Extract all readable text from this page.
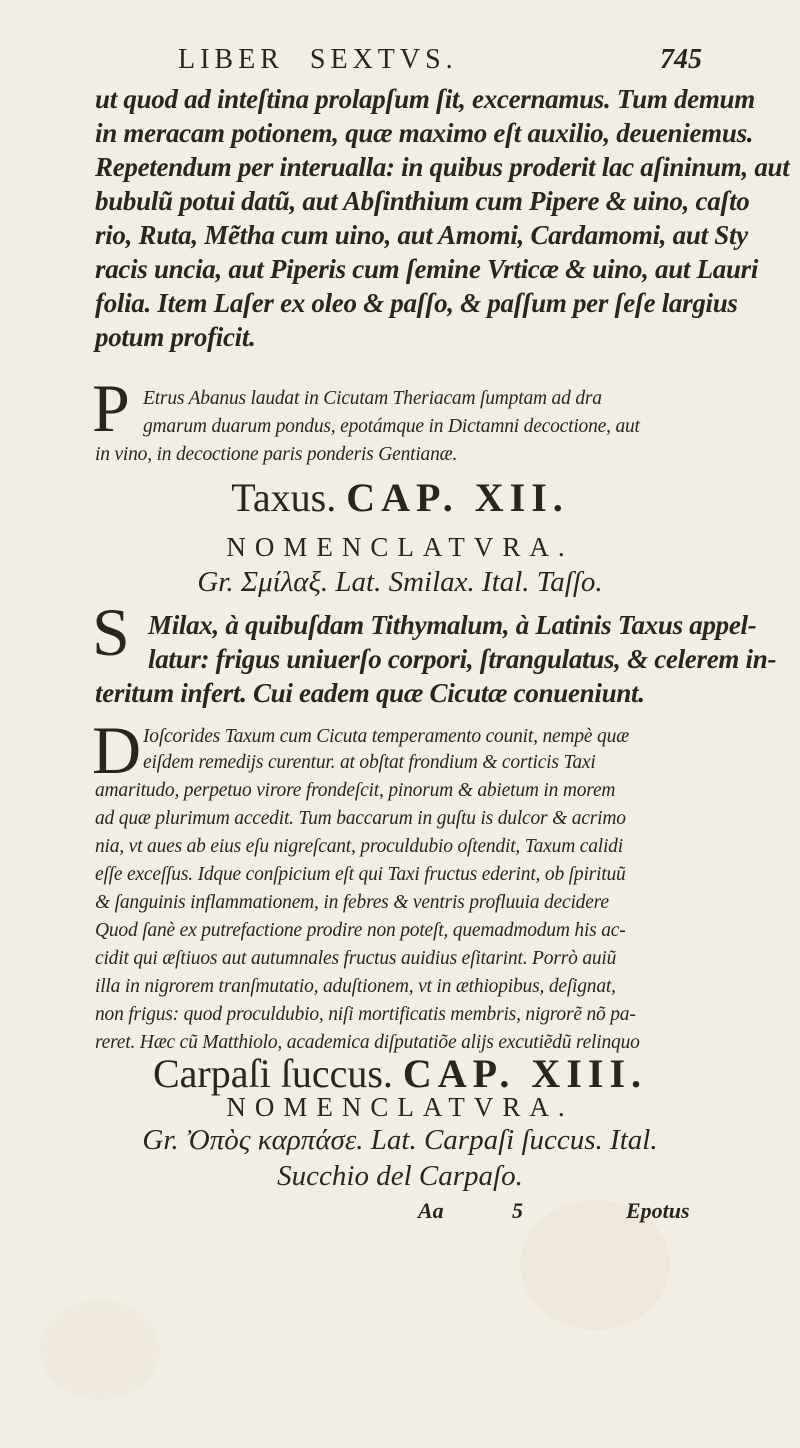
LIBER SEXTVS.	745
ut quod ad inteſtina prolapſum ſit, excernamus. Tum demum
in meracam potionem, quæ maximo eſt auxilio, deueniemus.
Repetendum per interualla: in quibus proderit lac aſininum, aut
bubulũ potui datũ, aut Abſinthium cum Pipere & uino, caſto
rio, Ruta, Mẽtha cum uino, aut Amomi, Cardamomi, aut Sty
racis uncia, aut Piperis cum ſemine Vrticæ & uino, aut Lauri
folia. Item Laſer ex oleo & paſſo, & paſſum per ſeſe largius
potum proficit.
P Etrus Abanus laudat in Cicutam Theriacam ſumptam ad dra
gmarum duarum pondus, epotámque in Dictamni decoctione, aut
in vino, in decoctione paris ponderis Gentianæ.
Taxus. CAP. XII.
NOMENCLATVRA.
Gr. Σμίλαξ. Lat. Smilax. Ital. Taſſo.
S Milax, à quibuſdam Tithymalum, à Latinis Taxus appel-
latur: frigus uniuerſo corpori, ſtrangulatus, & celerem in-
teritum infert. Cui eadem quæ Cicutæ conueniunt.
D Ioſcorides Taxum cum Cicuta temperamento counit, nempè quæ
eiſdem remedijs curentur. at obſtat frondium & corticis Taxi
amaritudo, perpetuo virore frondeſcit, pinorum & abietum in morem
ad quæ plurimum accedit. Tum baccarum in guſtu is dulcor & acrimo
nia, vt aues ab eius eſu nigreſcant, proculdubio oſtendit, Taxum calidi
eſſe exceſſus. Idque conſpicium eſt qui Taxi fructus ederint, ob ſpirituũ
& ſanguinis inflammationem, in febres & ventris profluuia decidere
Quod ſanè ex putrefactione prodire non poteſt, quemadmodum his ac-
cidit qui æſtiuos aut autumnales fructus auidius eſitarint. Porrò auiũ
illa in nigrorem tranſmutatio, aduſtionem, vt in æthiopibus, deſignat,
non frigus: quod proculdubio, niſi mortificatis membris, nigrorẽ nõ pa-
reret. Hæc cũ Matthiolo, academica diſputatiõe alijs excutiẽdũ relinquo
Carpaſi ſuccus. CAP. XIII.
NOMENCLATVRA.
Gr. Ὀπὸς καρπάσε. Lat. Carpaſi ſuccus. Ital.
Succhio del Carpaſo.
Aa	5	Epotus
